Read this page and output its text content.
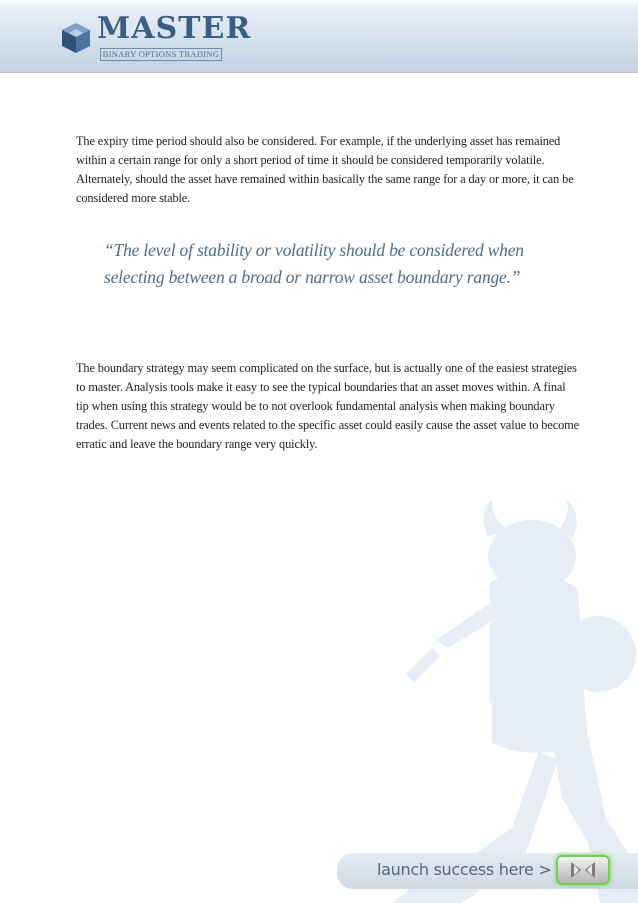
MASTER
BINARY OPTIONS TRADING

The expiry time period should also be considered. For example, if the underlying asset has remained within a certain range for only a short period of time it should be considered temporarily volatile. Alternately, should the asset have remained within basically the same range for a day or more, it can be considered more stable.

“The level of stability or volatility should be considered when selecting between a broad or narrow asset boundary range.”

The boundary strategy may seem complicated on the surface, but is actually one of the easiest strategies to master. Analysis tools make it easy to see the typical boundaries that an asset moves within. A final tip when using this strategy would be to not overlook fundamental analysis when making boundary trades. Current news and events related to the specific asset could easily cause the asset value to become erratic and leave the boundary range very quickly.

launch success here >
